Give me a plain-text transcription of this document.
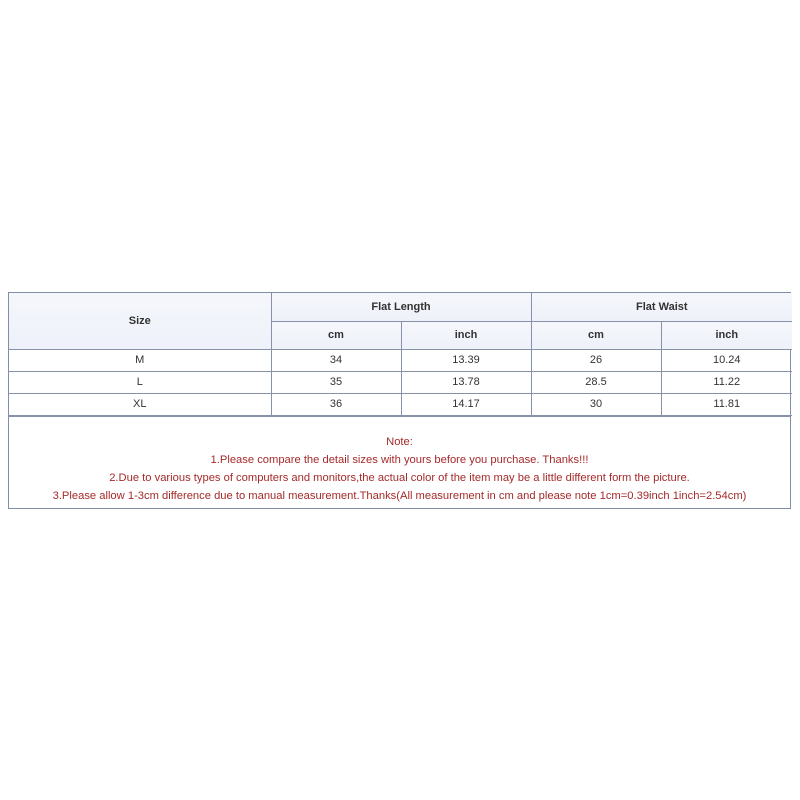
Size	Flat Length		Flat Waist	
	cm	inch	cm	inch
M	34	13.39	26	10.24
L	35	13.78	28.5	11.22
XL	36	14.17	30	11.81
Note:
1.Please compare the detail sizes with yours before you purchase. Thanks!!!
2.Due to various types of computers and monitors,the actual color of the item may be a little different form the picture.
3.Please allow 1-3cm difference due to manual measurement.Thanks(All measurement in cm and please note 1cm=0.39inch 1inch=2.54cm)
